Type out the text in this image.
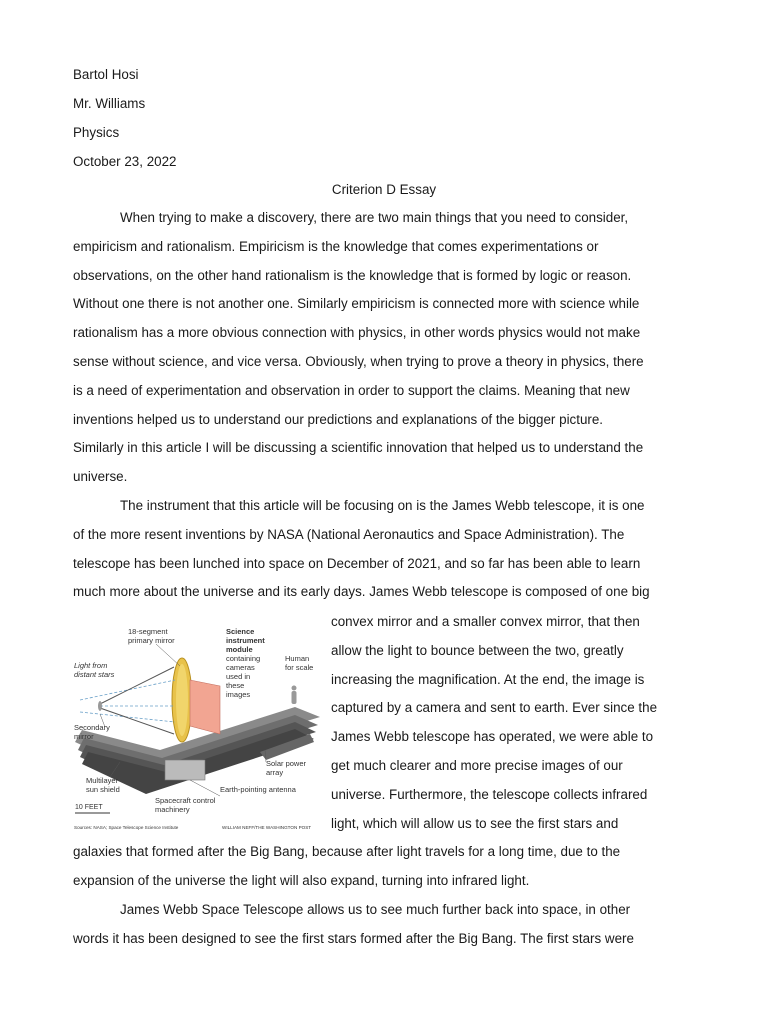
Bartol Hosi
Mr. Williams
Physics
October 23, 2022
Criterion D Essay
When trying to make a discovery, there are two main things that you need to consider,
empiricism and rationalism. Empiricism is the knowledge that comes experimentations or
observations, on the other hand rationalism is the knowledge that is formed by logic or reason.
Without one there is not another one. Similarly empiricism is connected more with science while
rationalism has a more obvious connection with physics, in other words physics would not make
sense without science, and vice versa. Obviously, when trying to prove a theory in physics, there
is a need of experimentation and observation in order to support the claims. Meaning that new
inventions helped us to understand our predictions and explanations of the bigger picture.
Similarly in this article I will be discussing a scientific innovation that helped us to understand the
universe.
The instrument that this article will be focusing on is the James Webb telescope, it is one
of the more resent inventions by NASA (National Aeronautics and Space Administration). The
telescope has been lunched into space on December of 2021, and so far has been able to learn
much more about the universe and its early days. James Webb telescope is composed of one big
convex mirror and a smaller convex mirror, that then
allow the light to bounce between the two, greatly
increasing the magnification. At the end, the image is
captured by a camera and sent to earth. Ever since the
James Webb telescope has operated, we were able to
get much clearer and more precise images of our
universe. Furthermore, the telescope collects infrared
light, which will allow us to see the first stars and
18-segment primary mirror
Science instrument module
containing cameras used in these images
Human for scale
Light from distant stars
Secondary mirror
Solar power array
Earth-pointing antenna
Multilayer sun shield
Spacecraft control machinery
10 FEET
Sources: NASA; Space Telescope Science Institute	WILLIAM NEFF/THE WASHINGTON POST
galaxies that formed after the Big Bang, because after light travels for a long time, due to the
expansion of the universe the light will also expand, turning into infrared light.
James Webb Space Telescope allows us to see much further back into space, in other
words it has been designed to see the first stars formed after the Big Bang. The first stars were
